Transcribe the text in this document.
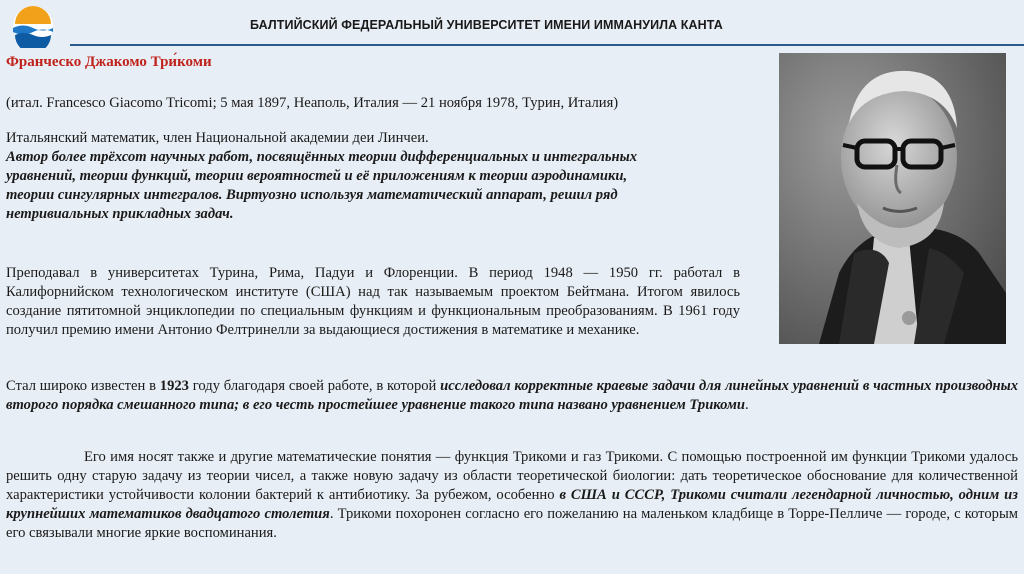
БАЛТИЙСКИЙ ФЕДЕРАЛЬНЫЙ УНИВЕРСИТЕТ ИМЕНИ ИММАНУИЛА КАНТА

Франческо Джакомо Три́коми

(итал. Francesco Giacomo Tricomi; 5 мая 1897, Неаполь, Италия — 21 ноября 1978, Турин, Италия)

Итальянский математик, член Национальной академии деи Линчеи.
Автор более трёхсот научных работ, посвящённых теории дифференциальных и интегральных уравнений, теории функций, теории вероятностей и её приложениям к теории аэродинамики, теории сингулярных интегралов. Виртуозно используя математический аппарат, решил ряд нетривиальных прикладных задач.

Преподавал в университетах Турина, Рима, Падуи и Флоренции. В период 1948 — 1950 гг. работал в Калифорнийском технологическом институте (США) над так называемым проектом Бейтмана. Итогом явилось создание пятитомной энциклопедии по специальным функциям и функциональным преобразованиям. В 1961 году получил премию имени Антонио Фелтринелли за выдающиеся достижения в математике и механике.

Стал широко известен в 1923 году благодаря своей работе, в которой исследовал корректные краевые задачи для линейных уравнений в частных производных второго порядка смешанного типа; в его честь простейшее уравнение такого типа названо уравнением Трикоми.

Его имя носят также и другие математические понятия — функция Трикоми и газ Трикоми. С помощью построенной им функции Трикоми удалось решить одну старую задачу из теории чисел, а также новую задачу из области теоретической биологии: дать теоретическое обоснование для количественной характеристики устойчивости колонии бактерий к антибиотику. За рубежом, особенно в США и СССР, Трикоми считали легендарной личностью, одним из крупнейших математиков двадцатого столетия. Трикоми похоронен согласно его пожеланию на маленьком кладбище в Торре-Пелличе — городе, с которым его связывали многие яркие воспоминания.
